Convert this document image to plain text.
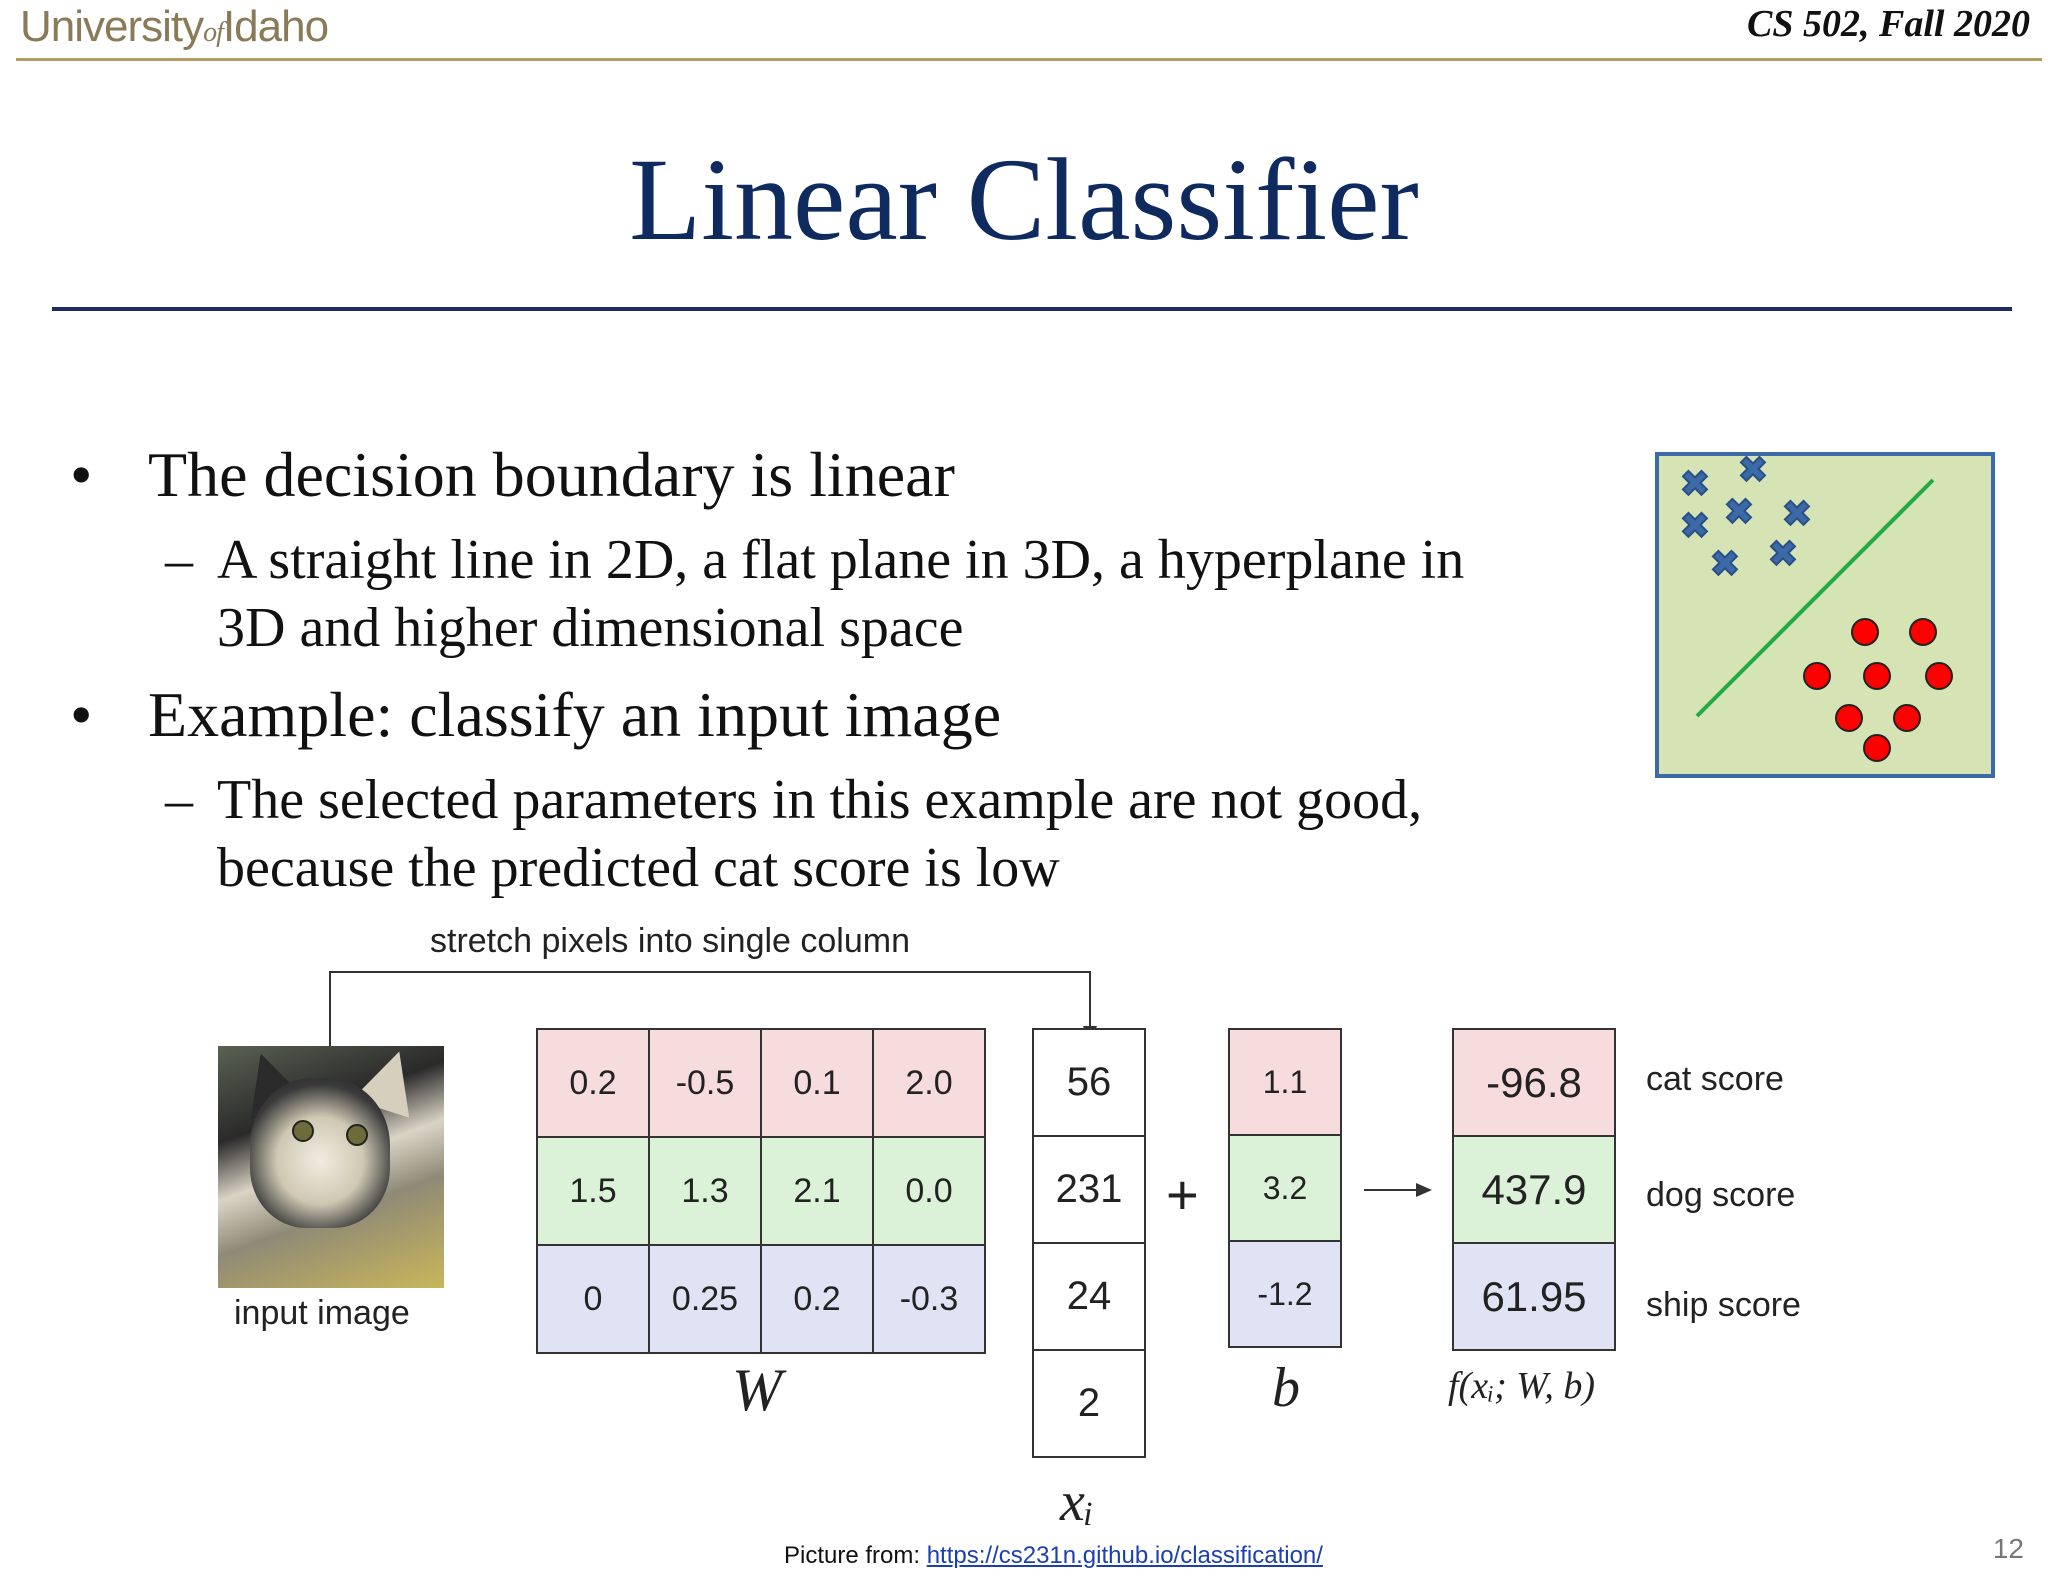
UniversityofIdaho	CS 502, Fall 2020
Linear Classifier
• The decision boundary is linear
– A straight line in 2D, a flat plane in 3D, a hyperplane in
3D and higher dimensional space
• Example: classify an input image
– The selected parameters in this example are not good,
because the predicted cat score is low
✖ ✖
✖ ✖ ✖
✖ ✖
stretch pixels into single column
input image
0.2	-0.5	0.1	2.0
1.5	1.3	2.1	0.0
0	0.25	0.2	-0.3
W
56
231
24
2
xᵢ
+
1.1
3.2
-1.2
b
-96.8
437.9
61.95
f(xᵢ; W, b)
cat score
dog score
ship score
Picture from: https://cs231n.github.io/classification/	12
